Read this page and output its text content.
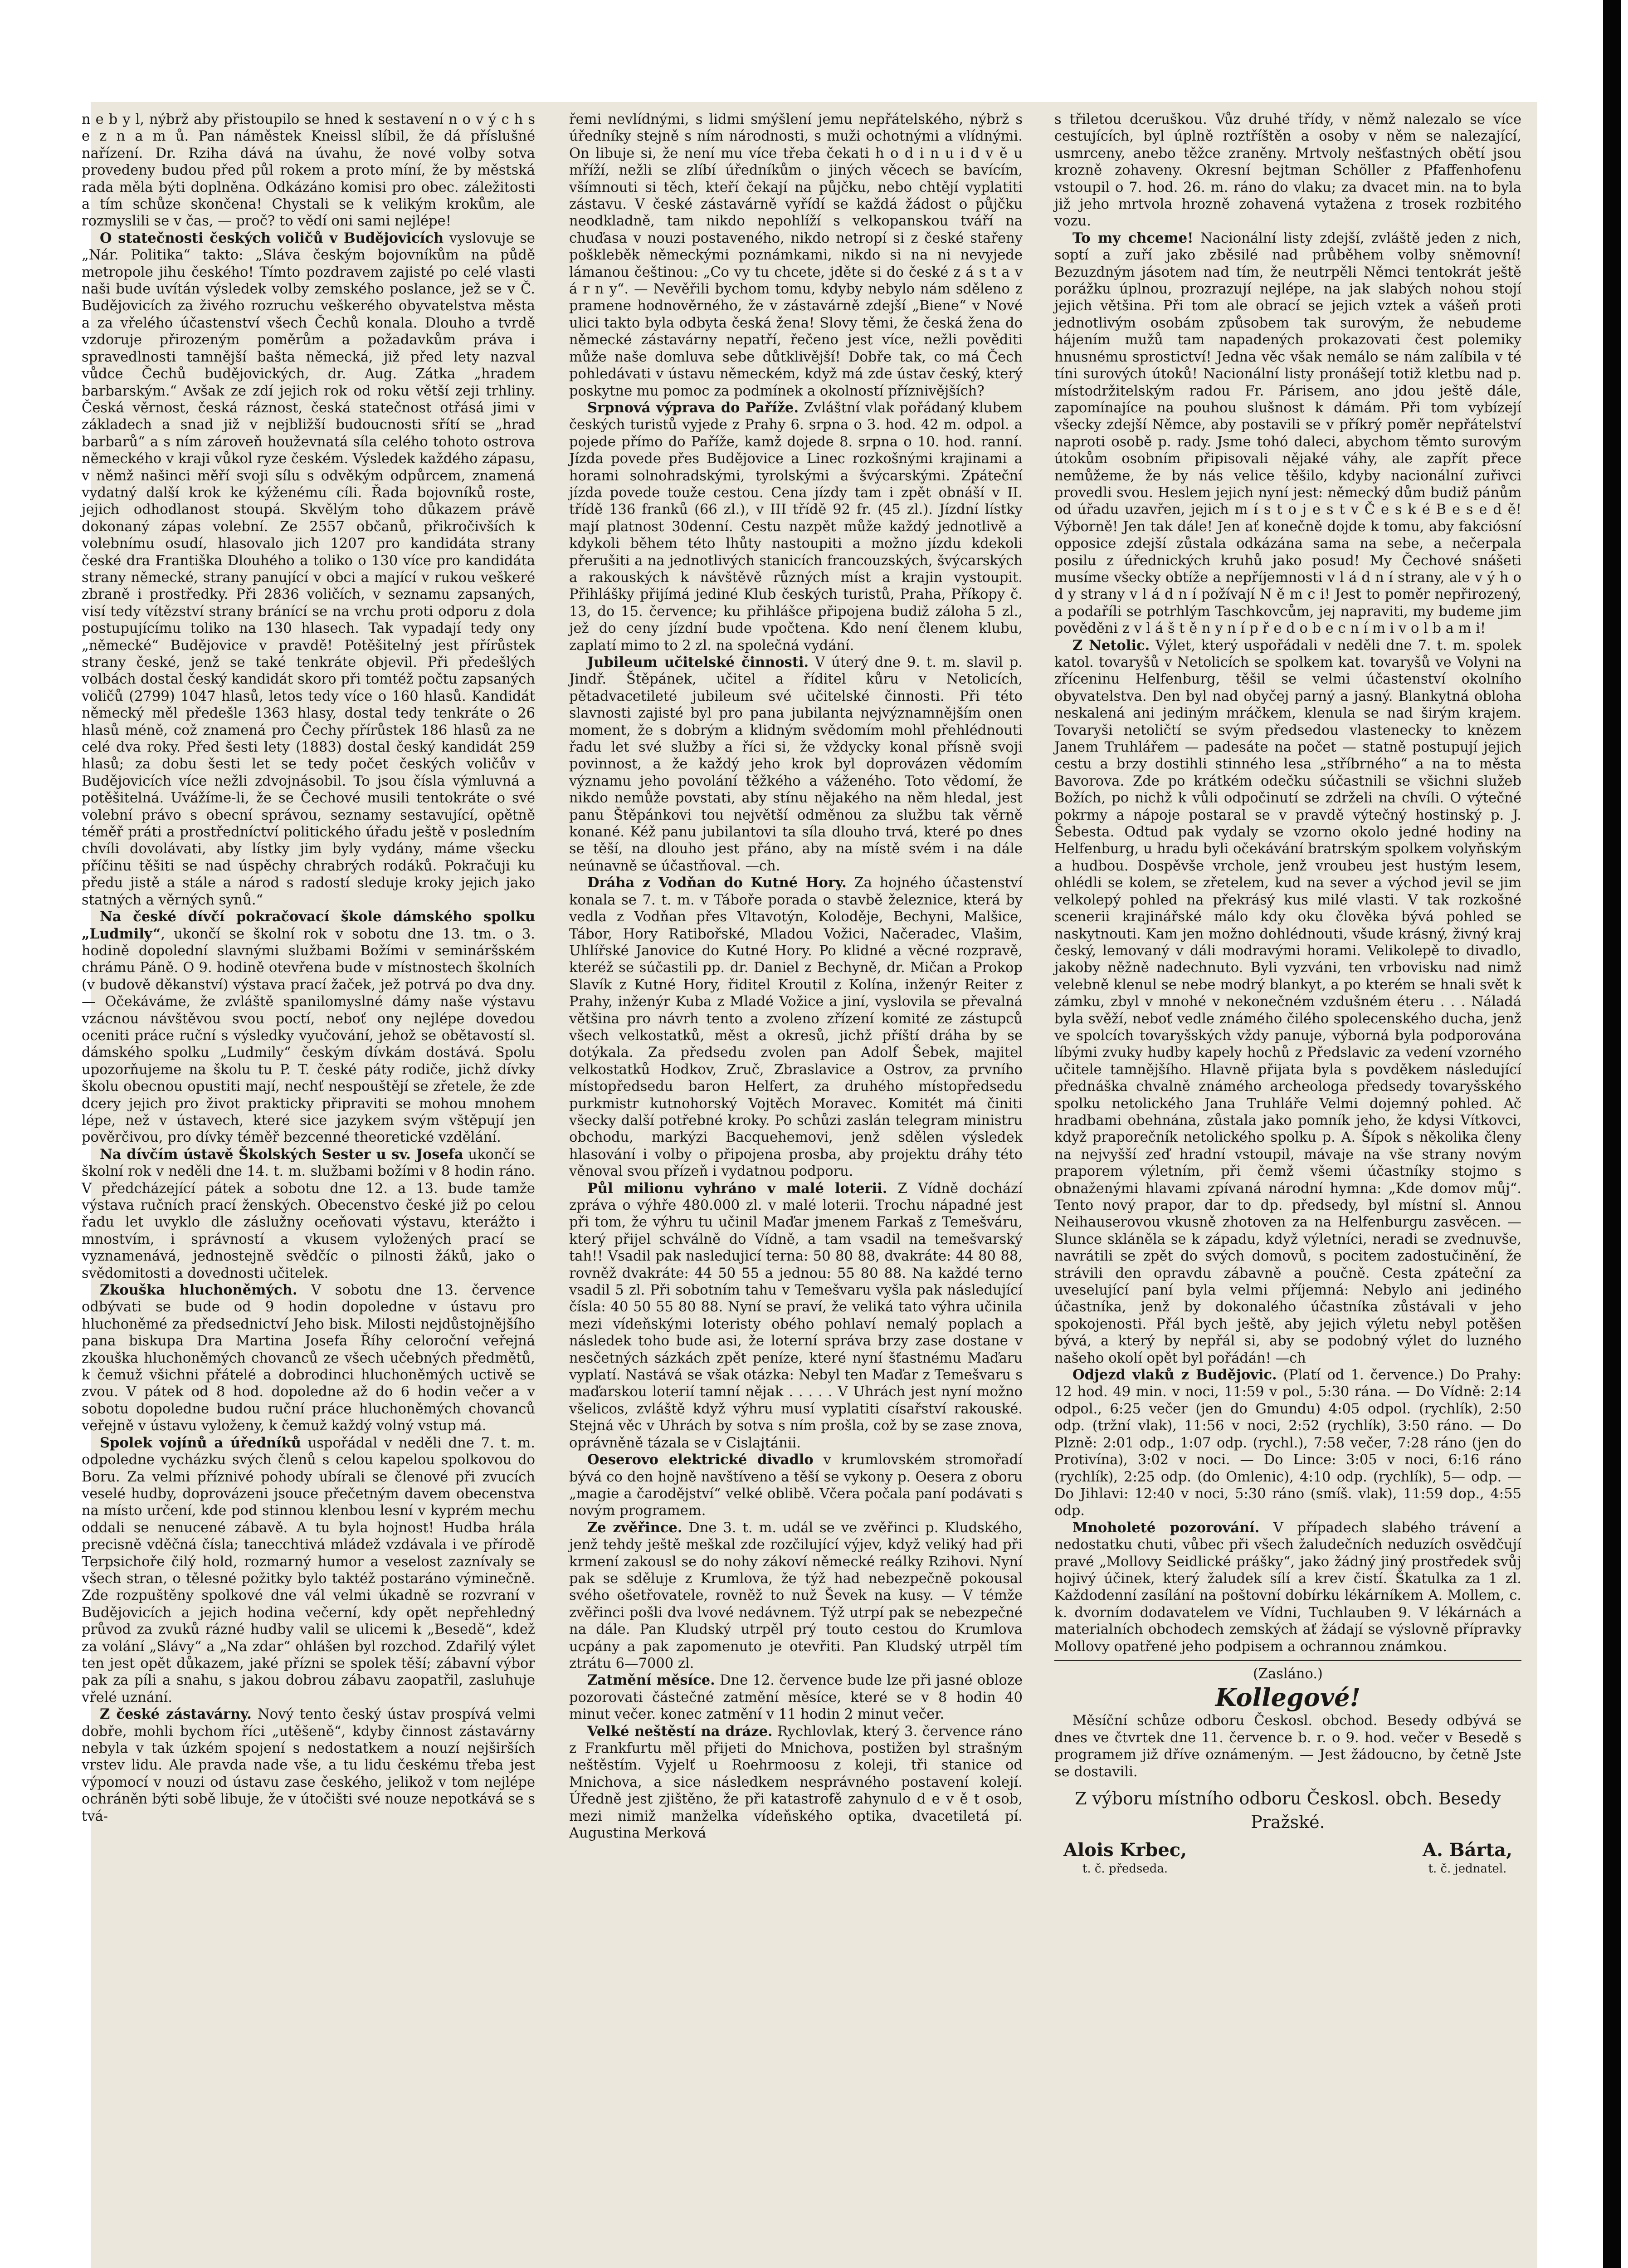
n e b y l, nýbrž aby přistoupilo se hned k sestavení n o v ý c h s e z n a m ů. Pan náměstek Kneissl slíbil, že dá příslušné nařízení. Dr. Rziha dává na úvahu, že nové volby sotva provedeny budou před půl rokem a proto míní, že by městská rada měla býti doplněna. Odkázáno komisi pro obec. záležitosti a tím schůze skončena! Chystali se k velikým krokům, ale rozmyslili se v čas, — proč? to vědí oni sami nejlépe!

O statečnosti českých voličů v Budějovicích vyslovuje se „Nár. Politika“ takto: „Sláva českým bojovníkům na půdě metropole jihu českého! Tímto pozdravem zajisté po celé vlasti naši bude uvítán výsledek volby zemského poslance, jež se v Č. Budějovicích za živého rozruchu veškerého obyvatelstva města a za vřelého účastenství všech Čechů konala. Dlouho a tvrdě vzdoruje přirozeným poměrům a požadavkům práva i spravedlnosti tamnější bašta německá, již před lety nazval vůdce Čechů budějovických, dr. Aug. Zátka „hradem barbarským.“ Avšak ze zdí jejich rok od roku větší zeji trhliny. Česká věrnost, česká ráznost, česká statečnost otřásá jimi v základech a snad již v nejbližší budoucnosti sřítí se „hrad barbarů“ a s ním zároveň houževnatá síla celého tohoto ostrova německého v kraji vůkol ryze českém. Výsledek každého zápasu, v němž našinci měří svoji sílu s odvěkým odpůrcem, znamená vydatný další krok ke kýženému cíli. Řada bojovníků roste, jejich odhodlanost stoupá. Skvělým toho důkazem právě dokonaný zápas volební. Ze 2557 občanů, přikročivších k volebnímu osudí, hlasovalo jich 1207 pro kandidáta strany české dra Františka Dlouhého a toliko o 130 více pro kandidáta strany německé, strany panující v obci a mající v rukou veškeré zbraně i prostředky. Při 2836 voličích, v seznamu zapsaných, visí tedy vítězství strany bránící se na vrchu proti odporu z dola postupujícímu toliko na 130 hlasech. Tak vypadají tedy ony „německé“ Budějovice v pravdě! Potěšitelný jest přírůstek strany české, jenž se také tenkráte objevil. Při předešlých volbách dostal český kandidát skoro při tomtéž počtu zapsaných voličů (2799) 1047 hlasů, letos tedy více o 160 hlasů. Kandidát německý měl předešle 1363 hlasy, dostal tedy tenkráte o 26 hlasů méně, což znamená pro Čechy přírůstek 186 hlasů za ne celé dva roky. Před šesti lety (1883) dostal český kandidát 259 hlasů; za dobu šesti let se tedy počet českých voličův v Budějovicích více nežli zdvojnásobil. To jsou čísla výmluvná a potěšitelná. Uvážíme-li, že se Čechové musili tentokráte o své volební právo s obecní správou, seznamy sestavující, opětně téměř práti a prostředníctví politického úřadu ještě v posledním chvíli dovolávati, aby lístky jim byly vydány, máme všecku příčinu těšiti se nad úspěchy chrabrých rodáků. Pokračuji ku předu jistě a stále a národ s radostí sleduje kroky jejich jako statných a věrných synů.“

Na české dívčí pokračovací škole dámského spolku „Ludmily“, ukončí se školní rok v sobotu dne 13. tm. o 3. hodině dopolední slavnými službami Božími v semináršském chrámu Páně. O 9. hodině otevřena bude v místnostech školních (v budově děkanství) výstava prací žaček, jež potrvá po dva dny. — Očekáváme, že zvláště spanilomyslné dámy naše výstavu vzácnou návštěvou svou poctí, neboť ony nejlépe dovedou oceniti práce ruční s výsledky vyučování, jehož se obětavostí sl. dámského spolku „Ludmily“ českým dívkám dostává. Spolu upozorňujeme na školu tu P. T. české páty rodiče, jichž dívky školu obecnou opustiti mají, nechť nespouštějí se zřetele, že zde dcery jejich pro život prakticky připraviti se mohou mnohem lépe, než v ústavech, které sice jazykem svým vštěpují jen pověrčivou, pro dívky téměř bezcenné theoretické vzdělání.

Na dívčím ústavě Školských Sester u sv. Josefa ukončí se školní rok v neděli dne 14. t. m. službami božími v 8 hodin ráno. V předcházející pátek a sobotu dne 12. a 13. bude tamže výstava ručních prací ženských. Obecenstvo české již po celou řadu let uvyklo dle záslužny oceňovati výstavu, kterážto i mnostvím, i správností a vkusem vyložených prací se vyznamenává, jednostejně svědčíc o pilnosti žáků, jako o svědomitosti a dovednosti učitelek.

Zkouška hluchoněmých. V sobotu dne 13. července odbývati se bude od 9 hodin dopoledne v ústavu pro hluchoněmé za předsednictví Jeho bisk. Milosti nejdůstojnějšího pana biskupa Dra Martina Josefa Říhy celoroční veřejná zkouška hluchoněmých chovanců ze všech učebných předmětů, k čemuž všichni přátelé a dobrodinci hluchoněmých uctivě se zvou. V pátek od 8 hod. dopoledne až do 6 hodin večer a v sobotu dopoledne budou ruční práce hluchoněmých chovanců veřejně v ústavu vyloženy, k čemuž každý volný vstup má.

Spolek vojínů a úředníků uspořádal v neděli dne 7. t. m. odpoledne vycházku svých členů s celou kapelou spolkovou do Boru. Za velmi příznivé pohody ubírali se členové při zvucích veselé hudby, doprovázeni jsouce přečetným davem obecenstva na místo určení, kde pod stinnou klenbou lesní v kyprém mechu oddali se nenucené zábavě. A tu byla hojnost! Hudba hrála precisně vděčná čísla; tanecchtivá mládež vzdávala i ve přírodě Terpsichoře čilý hold, rozmarný humor a veselost zaznívaly se všech stran, o tělesné požitky bylo taktéž postaráno výminečně. Zde rozpuštěny spolkové dne vál velmi úkadně se rozvraní v Budějovicích a jejich hodina večerní, kdy opět nepřehledný průvod za zvuků rázné hudby valil se ulicemi k „Besedě“, kdež za volání „Slávy“ a „Na zdar“ ohlášen byl rozchod. Zdařilý výlet ten jest opět důkazem, jaké přízni se spolek těší; zábavní výbor pak za píli a snahu, s jakou dobrou zábavu zaopatřil, zasluhuje vřelé uznání.

Z české zástavárny. Nový tento český ústav prospívá velmi dobře, mohli bychom říci „utěšeně“, kdyby činnost zástavárny nebyla v tak úzkém spojení s nedostatkem a nouzí nejširších vrstev lidu. Ale pravda nade vše, a tu lidu českému třeba jest výpomocí v nouzi od ústavu zase českého, jelikož v tom nejlépe ochráněn býti sobě libuje, že v útočišti své nouze nepotkává se s tvá-

řemi nevlídnými, s lidmi smýšlení jemu nepřátelského, nýbrž s úředníky stejně s ním národnosti, s muži ochotnými a vlídnými. On libuje si, že není mu více třeba čekati h o d i n u i d v ě u mříží, nežli se zlíbí úředníkům o jiných věcech se bavícím, všímnouti si těch, kteří čekají na půjčku, nebo chtějí vyplatiti zástavu. V české zástavárně vyřídí se každá žádost o půjčku neodkladně, tam nikdo nepohlíží s velkopanskou tváří na chuďasa v nouzi postaveného, nikdo netropí si z české stařeny poškleběk německými poznámkami, nikdo si na ni nevyjede lámanou češtinou: „Co vy tu chcete, jděte si do české z á s t a v á r n y“. — Nevěřili bychom tomu, kdyby nebylo nám sděleno z pramene hodnověrného, že v zástavárně zdejší „Biene“ v Nové ulici takto byla odbyta česká žena! Slovy těmi, že česká žena do německé zástavárny nepatří, řečeno jest více, nežli pověditi může naše domluva sebe důtklivější! Dobře tak, co má Čech pohledávati v ústavu německém, když má zde ústav český, který poskytne mu pomoc za podmínek a okolností příznivějších?

Srpnová výprava do Paříže. Zvláštní vlak pořádaný klubem českých turistů vyjede z Prahy 6. srpna o 3. hod. 42 m. odpol. a pojede přímo do Paříže, kamž dojede 8. srpna o 10. hod. ranní. Jízda povede přes Budějovice a Linec rozkošnými krajinami a horami solnohradskými, tyrolskými a švýcarskými. Zpáteční jízda povede touže cestou. Cena jízdy tam i zpět obnáší v II. třídě 136 franků (66 zl.), v III třídě 92 fr. (45 zl.). Jízdní lístky mají platnost 30denní. Cestu nazpět může každý jednotlivě a kdykoli během této lhůty nastoupiti a možno jízdu kdekoli přerušiti a na jednotlivých stanicích francouzských, švýcarských a rakouských k návštěvě různých míst a krajin vystoupit. Přihlášky přijímá jediné Klub českých turistů, Praha, Příkopy č. 13, do 15. července; ku přihlášce připojena budiž záloha 5 zl., jež do ceny jízdní bude vpočtena. Kdo není členem klubu, zaplatí mimo to 2 zl. na společná vydání.

Jubileum učitelské činnosti. V úterý dne 9. t. m. slavil p. Jindř. Štěpánek, učitel a říditel kůru v Netolicích, pětadvacetileté jubileum své učitelské činnosti. Při této slavnosti zajisté byl pro pana jubilanta nejvýznamnějším onen moment, že s dobrým a klidným svědomím mohl přehlédnouti řadu let své služby a říci si, že vždycky konal přísně svoji povinnost, a že každý jeho krok byl doprovázen vědomím významu jeho povolání těžkého a váženého. Toto vědomí, že nikdo nemůže povstati, aby stínu nějakého na něm hledal, jest panu Štěpánkovi tou největší odměnou za službu tak věrně konané. Kéž panu jubilantovi ta síla dlouho trvá, které po dnes se těší, na dlouho jest přáno, aby na místě svém i na dále neúnavně se účastňoval. —ch.

Dráha z Vodňan do Kutné Hory. Za hojného účastenství konala se 7. t. m. v Táboře porada o stavbě železnice, která by vedla z Vodňan přes Vltavotýn, Koloděje, Bechyni, Malšice, Tábor, Hory Ratibořské, Mladou Vožici, Načeradec, Vlašim, Uhlířské Janovice do Kutné Hory. Po klidné a věcné rozpravě, kteréž se súčastili pp. dr. Daniel z Bechyně, dr. Mičan a Prokop Slavík z Kutné Hory, řiditel Kroutil z Kolína, inženýr Reiter z Prahy, inženýr Kuba z Mladé Vožice a jiní, vyslovila se převalná většina pro návrh tento a zvoleno zřízení komité ze zástupců všech velkostatků, měst a okresů, jichž příští dráha by se dotýkala. Za předsedu zvolen pan Adolf Šebek, majitel velkostatků Hodkov, Zruč, Zbraslavice a Ostrov, za prvního místopředsedu baron Helfert, za druhého místopředsedu purkmistr kutnohorský Vojtěch Moravec. Komitét má činiti všecky další potřebné kroky. Po schůzi zaslán telegram ministru obchodu, markýzi Bacquehemovi, jenž sdělen výsledek hlasování i volby o připojena prosba, aby projektu dráhy této věnoval svou přízeň i vydatnou podporu.

Půl milionu vyhráno v malé loterii. Z Vídně dochází zpráva o výhře 480.000 zl. v malé loterii. Trochu nápadné jest při tom, že výhru tu učinil Maďar jmenem Farkaš z Temešváru, který přijel schválně do Vídně, a tam vsadil na temešvarský tah!! Vsadil pak nasledujicí terna: 50 80 88, dvakráte: 44 80 88, rovněž dvakráte: 44 50 55 a jednou: 55 80 88. Na každé terno vsadil 5 zl. Při sobotním tahu v Temešvaru vyšla pak následující čísla: 40 50 55 80 88. Nyní se praví, že veliká tato výhra učinila mezi vídeňskými loteristy obého pohlaví nemalý poplach a následek toho bude asi, že loterní správa brzy zase dostane v nesčetných sázkách zpět peníze, které nyní šťastnému Maďaru vyplatí. Nastává se však otázka: Nebyl ten Maďar z Temešvaru s maďarskou loterií tamní nějak . . . . . V Uhrách jest nyní možno všelicos, zvláště když výhru musí vyplatiti císařství rakouské. Stejná věc v Uhrách by sotva s ním prošla, což by se zase znova, oprávněně tázala se v Cislajtánii.

Oeserovo elektrické divadlo v krumlovském stromořadí bývá co den hojně navštíveno a těší se vykony p. Oesera z oboru „magie a čarodějství“ velké oblibě. Včera počala paní podávati s novým programem.

Ze zvěřince. Dne 3. t. m. udál se ve zvěřinci p. Kludského, jenž tehdy ještě meškal zde rozčilující výjev, když veliký had při krmení zakousl se do nohy zákoví německé reálky Rzihovi. Nyní pak se sděluje z Krumlova, že týž had nebezpečně pokousal svého ošetřovatele, rovněž to nuž Ševek na kusy. — V témže zvěřinci pošli dva lvové nedávnem. Týž utrpí pak se nebezpečné na dále. Pan Kludský utrpěl prý touto cestou do Krumlova ucpány a pak zapomenuto je otevřiti. Pan Kludský utrpěl tím ztrátu 6—7000 zl.

Zatmění měsíce. Dne 12. července bude lze při jasné obloze pozorovati částečné zatmění měsíce, které se v 8 hodin 40 minut večer. konec zatmění v 11 hodin 2 minut večer.

Velké neštěstí na dráze. Rychlovlak, který 3. července ráno z Frankfurtu měl přijeti do Mnichova, postižen byl strašným neštěstím. Vyjelť u Roehrmoosu z koleji, tři stanice od Mnichova, a sice následkem nesprávného postavení kolejí. Úředně jest zjištěno, že při katastrofě zahynulo d e v ě t osob, mezi nimiž manželka vídeňského optika, dvacetiletá pí. Augustina Merková

s třiletou dceruškou. Vůz druhé třídy, v němž nalezalo se více cestujících, byl úplně roztříštěn a osoby v něm se nalezající, usmrceny, anebo těžce zraněny. Mrtvoly nešťastných obětí jsou krozně zohaveny. Okresní bejtman Schöller z Pfaffenhofenu vstoupil o 7. hod. 26. m. ráno do vlaku; za dvacet min. na to byla již jeho mrtvola hrozně zohavená vytažena z trosek rozbitého vozu.

To my chceme! Nacionální listy zdejší, zvláště jeden z nich, soptí a zuří jako zběsilé nad průběhem volby sněmovní! Bezuzdným jásotem nad tím, že neutrpěli Němci tentokrát ještě porážku úplnou, prozrazují nejlépe, na jak slabých nohou stojí jejich většina. Při tom ale obrací se jejich vztek a vášeň proti jednotlivým osobám způsobem tak surovým, že nebudeme hájením mužů tam napadených prokazovati čest polemiky hnusnému sprostictví! Jedna věc však nemálo se nám zalíbila v té tíni surových útoků! Nacionální listy pronášejí totiž kletbu nad p. místodržitelským radou Fr. Párisem, ano jdou ještě dále, zapomínajíce na pouhou slušnost k dámám. Při tom vybízejí všecky zdejší Němce, aby postavili se v příkrý poměr nepřátelství naproti osobě p. rady. Jsme tohó daleci, abychom těmto surovým útokům osobním připisovali nějaké váhy, ale zapřít přece nemůžeme, že by nás velice těšilo, kdyby nacionální zuřivci provedli svou. Heslem jejich nyní jest: německý dům budiž pánům od úřadu uzavřen, jejich m í s t o j e s t v Č e s k é B e s e d ě! Výborně! Jen tak dále! Jen ať konečně dojde k tomu, aby fakciósní opposice zdejší zůstala odkázána sama na sebe, a nečerpala posilu z úřednických kruhů jako posud! My Čechové snášeti musíme všecky obtíže a nepříjemnosti v l á d n í strany, ale v ý h o d y strany v l á d n í požívají N ě m c i! Jest to poměr nepřirozený, a podaříli se potrhlým Taschkovcům, jej napraviti, my budeme jim pověděni z v l á š t ě n y n í p ř e d o b e c n í m i v o l b a m i!

Z Netolic. Výlet, který uspořádali v neděli dne 7. t. m. spolek katol. tovaryšů v Netolicích se spolkem kat. tovaryšů ve Volyni na zříceninu Helfenburg, těšil se velmi účastenství okolního obyvatelstva. Den byl nad obyčej parný a jasný. Blankytná obloha neskalená ani jediným mráčkem, klenula se nad širým krajem. Tovaryši netoličtí se svým předsedou vlastenecky to knězem Janem Truhlářem — padesáte na počet — statně postupují jejich cestu a brzy dostihli stinného lesa „stříbrného“ a na to města Bavorova. Zde po krátkém odečku súčastnili se všichni služeb Božích, po nichž k vůli odpočinutí se zdrželi na chvíli. O výtečné pokrmy a nápoje postaral se v pravdě výtečný hostinský p. J. Šebesta. Odtud pak vydaly se vzorno okolo jedné hodiny na Helfenburg, u hradu byli očekávání bratrským spolkem volyňským a hudbou. Dospěvše vrchole, jenž vroubeu jest hustým lesem, ohlédli se kolem, se zřetelem, kud na sever a východ jevil se jim velkolepý pohled na překrásý kus milé vlasti. V tak rozkošné scenerii krajinářské málo kdy oku člověka bývá pohled se naskytnouti. Kam jen možno dohlédnouti, všude krásný, živný kraj český, lemovaný v dáli modravými horami. Velikolepě to divadlo, jakoby něžně nadechnuto. Byli vyzváni, ten vrbovisku nad nimž velebně klenul se nebe modrý blankyt, a po kterém se hnali svět k zámku, zbyl v mnohé v nekonečném vzdušném éteru . . . Náladá byla svěží, neboť vedle známého čilého spolecenského ducha, jenž ve spolcích tovaryšských vždy panuje, výborná byla podporována líbými zvuky hudby kapely hochů z Předslavic za vedení vzorného učitele tamnějšího. Hlavně přijata byla s povděkem následující přednáška chvalně známého archeologa předsedy tovaryšského spolku netolického Jana Truhláře Velmi dojemný pohled. Ač hradbami obehnána, zůstala jako pomník jeho, že kdysi Vítkovci, když praporečník netolického spolku p. A. Šípok s několika členy na nejvyšší zeď hradní vstoupil, mávaje na vše strany novým praporem výletním, při čemž všemi účastníky stojmo s obnaženými hlavami zpívaná národní hymna: „Kde domov můj“. Tento nový prapor, dar to dp. předsedy, byl místní sl. Annou Neihauserovou vkusně zhotoven za na Helfenburgu zasvěcen. — Slunce skláněla se k západu, když výletníci, neradi se zvednuvše, navrátili se zpět do svých domovů, s pocitem zadostučinění, že strávili den opravdu zábavně a poučně. Cesta zpáteční za uveselující paní byla velmi příjemná: Nebylo ani jediného účastníka, jenž by dokonalého účastníka zůstávali v jeho spokojenosti. Přál bych ještě, aby jejich výletu nebyl potěšen bývá, a který by nepřál si, aby se podobný výlet do luzného našeho okolí opět byl pořádán! —ch

Odjezd vlaků z Budějovic. (Platí od 1. července.) Do Prahy: 12 hod. 49 min. v noci, 11:59 v pol., 5:30 rána. — Do Vídně: 2:14 odpol., 6:25 večer (jen do Gmundu) 4:05 odpol. (rychlík), 2:50 odp. (tržní vlak), 11:56 v noci, 2:52 (rychlík), 3:50 ráno. — Do Plzně: 2:01 odp., 1:07 odp. (rychl.), 7:58 večer, 7:28 ráno (jen do Protivína), 3:02 v noci. — Do Lince: 3:05 v noci, 6:16 ráno (rychlík), 2:25 odp. (do Omlenic), 4:10 odp. (rychlík), 5— odp. — Do Jihlavi: 12:40 v noci, 5:30 ráno (smíš. vlak), 11:59 dop., 4:55 odp.

Mnoholeté pozorování. V případech slabého trávení a nedostatku chuti, vůbec při všech žaludečních neduzích osvědčují pravé „Mollovy Seidlické prášky“, jako žádný jiný prostředek svůj hojivý účinek, který žaludek sílí a krev čistí. Škatulka za 1 zl. Každodenní zasílání na poštovní dobírku lékárníkem A. Mollem, c. k. dvorním dodavatelem ve Vídni, Tuchlauben 9. V lékárnách a materialních obchodech zemských ať žádají se výslovně přípravky Mollovy opatřené jeho podpisem a ochrannou známkou.

(Zasláno.)
Kollegové!

Měsíční schůze odboru Českosl. obchod. Besedy odbývá se dnes ve čtvrtek dne 11. července b. r. o 9. hod. večer v Besedě s programem již dříve oznámeným. — Jest žádoucno, by četně Jste se dostavili.

Z výboru místního odboru Českosl. obch. Besedy Pražské.
Alois Krbec,
t. č. předseda.
A. Bárta,
t. č. jednatel.
